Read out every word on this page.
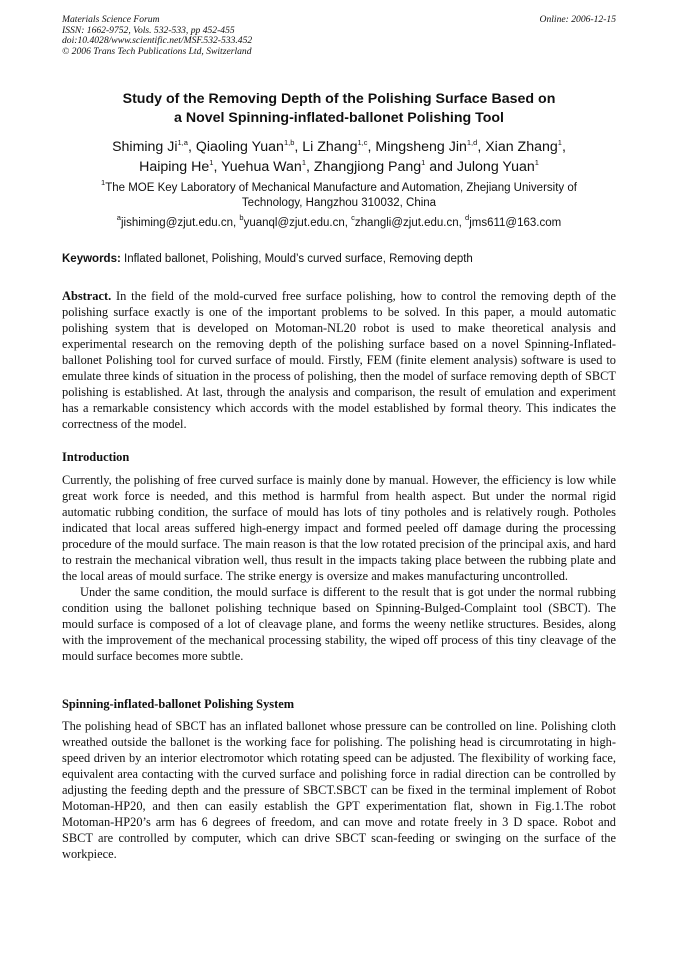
Materials Science Forum
ISSN: 1662-9752, Vols. 532-533, pp 452-455
doi:10.4028/www.scientific.net/MSF.532-533.452
© 2006 Trans Tech Publications Ltd, Switzerland
Online: 2006-12-15
Study of the Removing Depth of the Polishing Surface Based on
a Novel Spinning-inflated-ballonet Polishing Tool
Shiming Ji$^{1,a}$, Qiaoling Yuan$^{1,b}$, Li Zhang$^{1,c}$, Mingsheng Jin$^{1,d}$, Xian Zhang$^1$,
Haiping He$^1$, Yuehua Wan$^1$, Zhangjiong Pang$^1$ and Julong Yuan$^1$
$^1$The MOE Key Laboratory of Mechanical Manufacture and Automation, Zhejiang University of
Technology, Hangzhou 310032, China
$^a$jishiming@zjut.edu.cn, $^b$yuanql@zjut.edu.cn, $^c$zhangli@zjut.edu.cn, $^d$jms611@163.com
Keywords: Inflated ballonet, Polishing, Mould’s curved surface, Removing depth

Abstract. In the field of the mold-curved free surface polishing, how to control the removing depth of the polishing surface exactly is one of the important problems to be solved. In this paper, a mould automatic polishing system that is developed on Motoman-NL20 robot is used to make theoretical analysis and experimental research on the removing depth of the polishing surface based on a novel Spinning-Inflated-ballonet Polishing tool for curved surface of mould. Firstly, FEM (finite element analysis) software is used to emulate three kinds of situation in the process of polishing, then the model of surface removing depth of SBCT polishing is established. At last, through the analysis and comparison, the result of emulation and experiment has a remarkable consistency which accords with the model established by formal theory. This indicates the correctness of the model.

Introduction

Currently, the polishing of free curved surface is mainly done by manual. However, the efficiency is low while great work force is needed, and this method is harmful from health aspect. But under the normal rigid automatic rubbing condition, the surface of mould has lots of tiny potholes and is relatively rough. Potholes indicated that local areas suffered high-energy impact and formed peeled off damage during the processing procedure of the mould surface. The main reason is that the low rotated precision of the principal axis, and hard to restrain the mechanical vibration well, thus result in the impacts taking place between the rubbing plate and the local areas of mould surface. The strike energy is oversize and makes manufacturing uncontrolled.

Under the same condition, the mould surface is different to the result that is got under the normal rubbing condition using the ballonet polishing technique based on Spinning-Bulged-Complaint tool (SBCT). The mould surface is composed of a lot of cleavage plane, and forms the weeny netlike structures. Besides, along with the improvement of the mechanical processing stability, the wiped off process of this tiny cleavage of the mould surface becomes more subtle.

Spinning-inflated-ballonet Polishing System

The polishing head of SBCT has an inflated ballonet whose pressure can be controlled on line. Polishing cloth wreathed outside the ballonet is the working face for polishing. The polishing head is circumrotating in high-speed driven by an interior electromotor which rotating speed can be adjusted. The flexibility of working face, equivalent area contacting with the curved surface and polishing force in radial direction can be controlled by adjusting the feeding depth and the pressure of SBCT.SBCT can be fixed in the terminal implement of Robot Motoman-HP20, and then can easily establish the GPT experimentation flat, shown in Fig.1.The robot Motoman-HP20’s arm has 6 degrees of freedom, and can move and rotate freely in 3 D space. Robot and SBCT are controlled by computer, which can drive SBCT scan-feeding or swinging on the surface of the workpiece.
